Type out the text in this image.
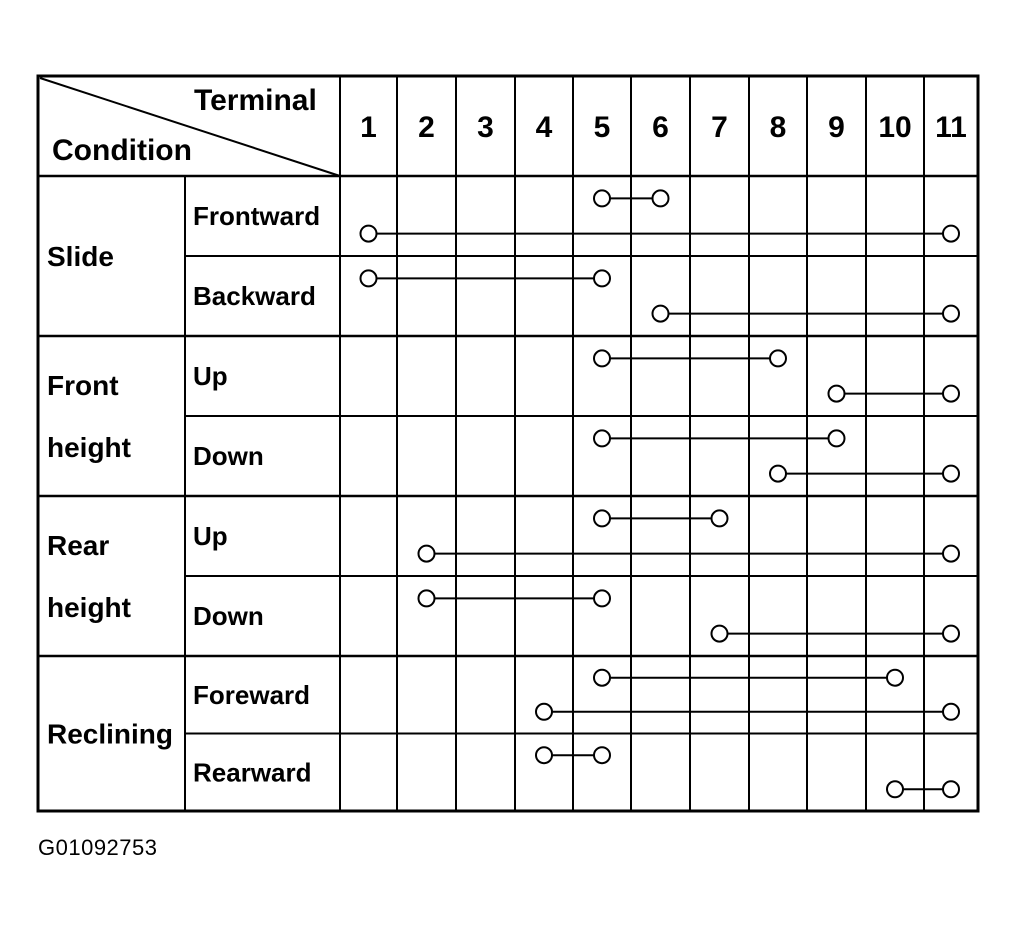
Terminal
Condition
1 2 3 4 5 6 7 8 9 10 11
Slide
Front
height
Rear
height
Reclining
Frontward
Backward
Up
Down
Up
Down
Foreward
Rearward
G01092753
